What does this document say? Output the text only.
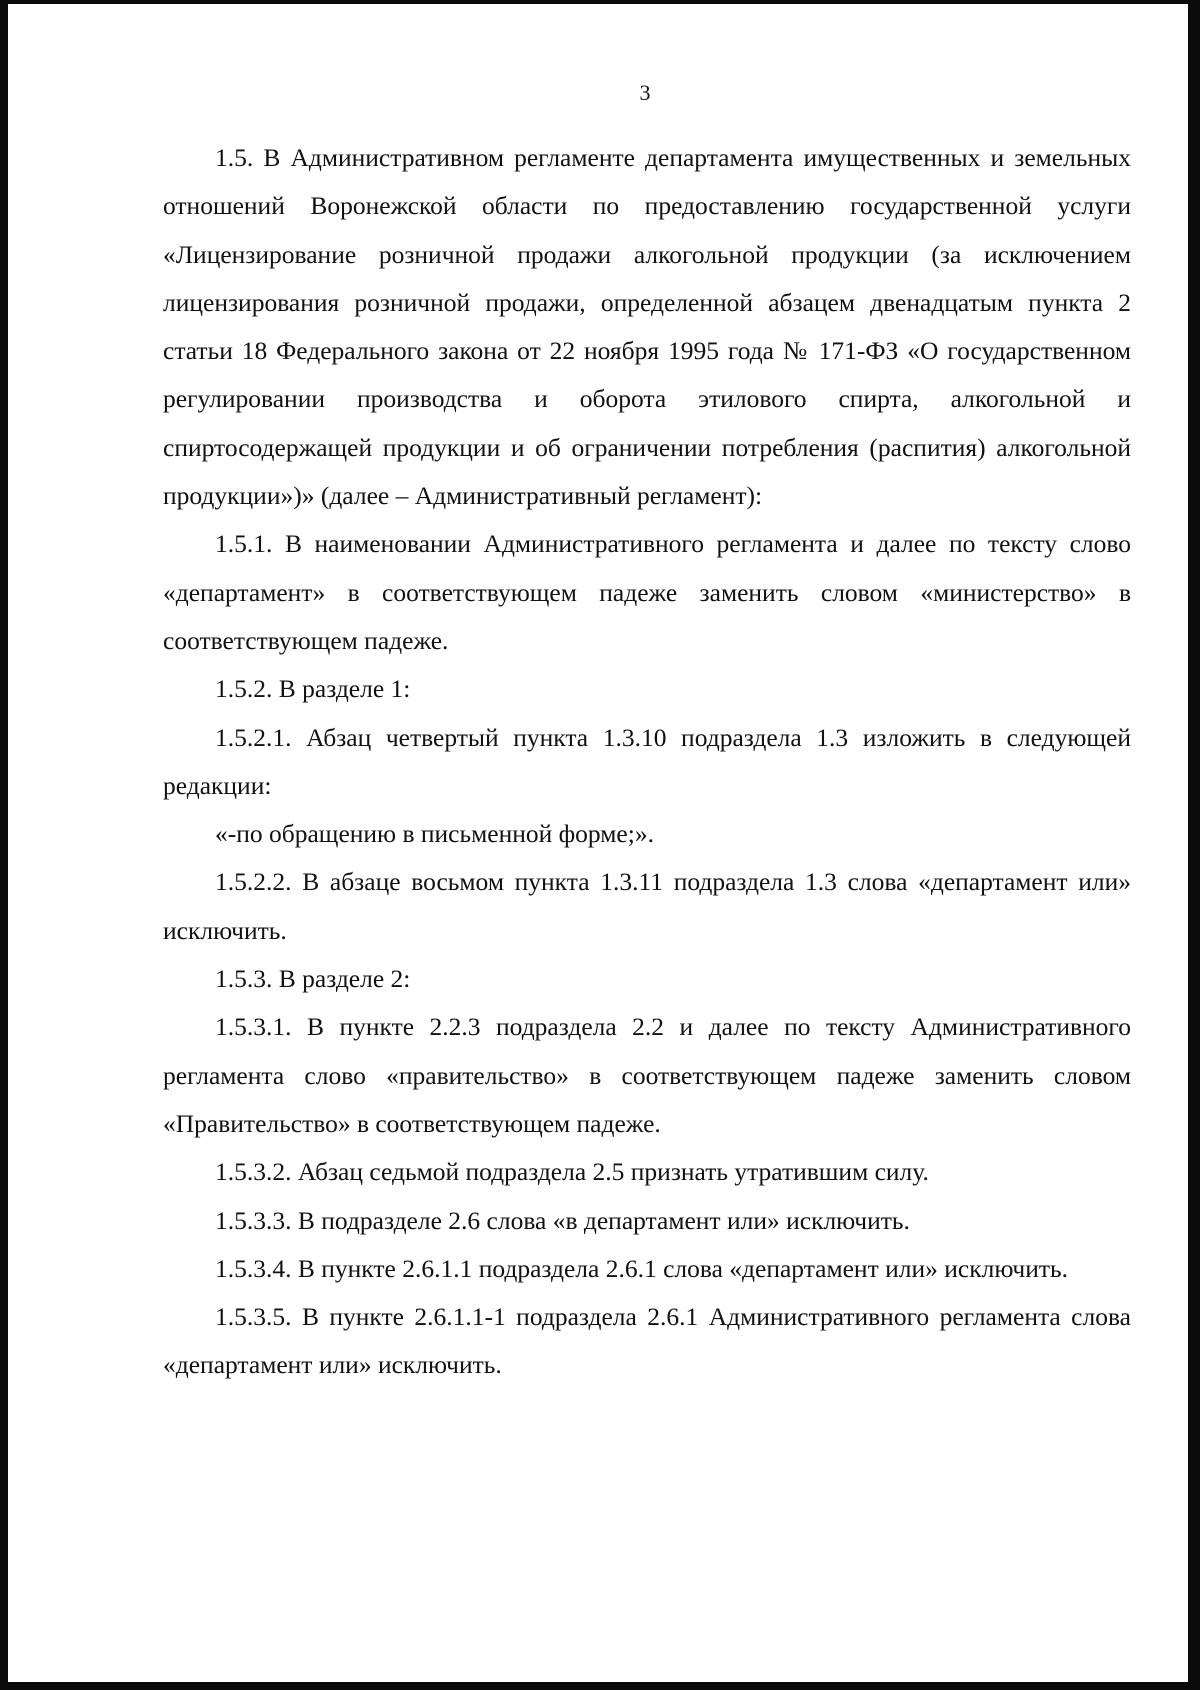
3

1.5. В Административном регламенте департамента имущественных и земельных отношений Воронежской области по предоставлению государственной услуги «Лицензирование розничной продажи алкогольной продукции (за исключением лицензирования розничной продажи, определенной абзацем двенадцатым пункта 2 статьи 18 Федерального закона от 22 ноября 1995 года № 171-ФЗ «О государственном регулировании производства и оборота этилового спирта, алкогольной и спиртосодержащей продукции и об ограничении потребления (распития) алкогольной продукции»)» (далее – Административный регламент):

1.5.1. В наименовании Административного регламента и далее по тексту слово «департамент» в соответствующем падеже заменить словом «министерство» в соответствующем падеже.

1.5.2. В разделе 1:

1.5.2.1. Абзац четвертый пункта 1.3.10 подраздела 1.3 изложить в следующей редакции:

«-по обращению в письменной форме;».

1.5.2.2. В абзаце восьмом пункта 1.3.11 подраздела 1.3 слова «департамент или» исключить.

1.5.3. В разделе 2:

1.5.3.1. В пункте 2.2.3 подраздела 2.2 и далее по тексту Административного регламента слово «правительство» в соответствующем падеже заменить словом «Правительство» в соответствующем падеже.

1.5.3.2. Абзац седьмой подраздела 2.5 признать утратившим силу.

1.5.3.3. В подразделе 2.6 слова «в департамент или» исключить.

1.5.3.4. В пункте 2.6.1.1 подраздела 2.6.1 слова «департамент или» исключить.

1.5.3.5. В пункте 2.6.1.1-1 подраздела 2.6.1 Административного регламента слова «департамент или» исключить.
